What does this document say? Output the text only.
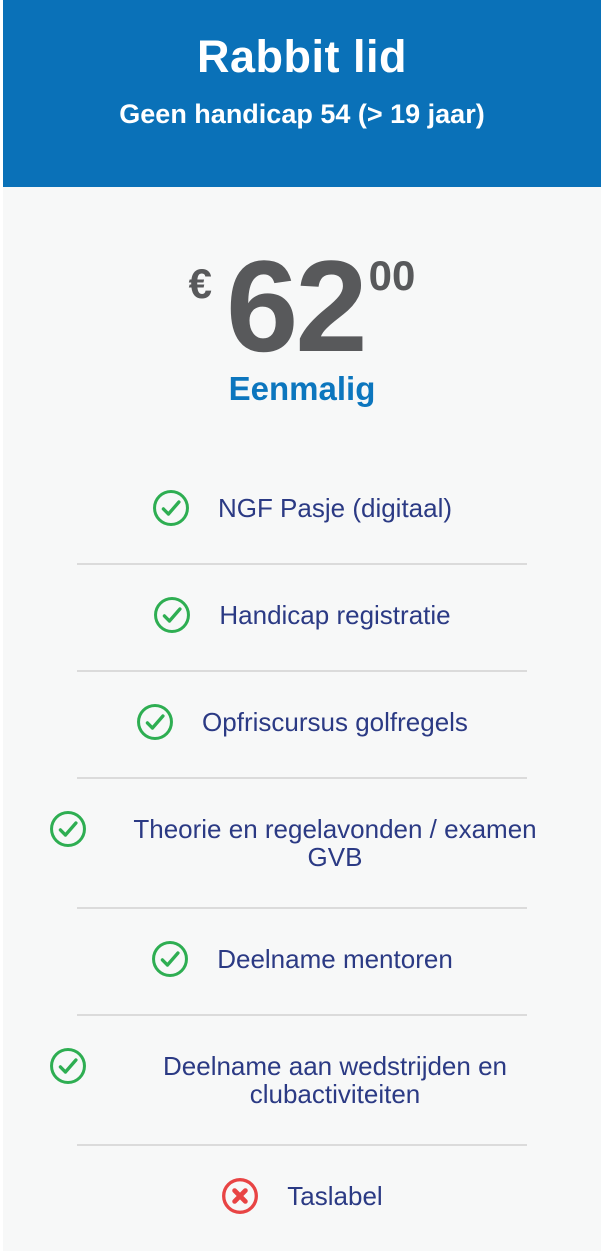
Rabbit lid
Geen handicap 54 (> 19 jaar)
€ 62 00
Eenmalig
NGF Pasje (digitaal)
Handicap registratie
Opfriscursus golfregels
Theorie en regelavonden / examen GVB
Deelname mentoren
Deelname aan wedstrijden en clubactiviteiten
Taslabel
